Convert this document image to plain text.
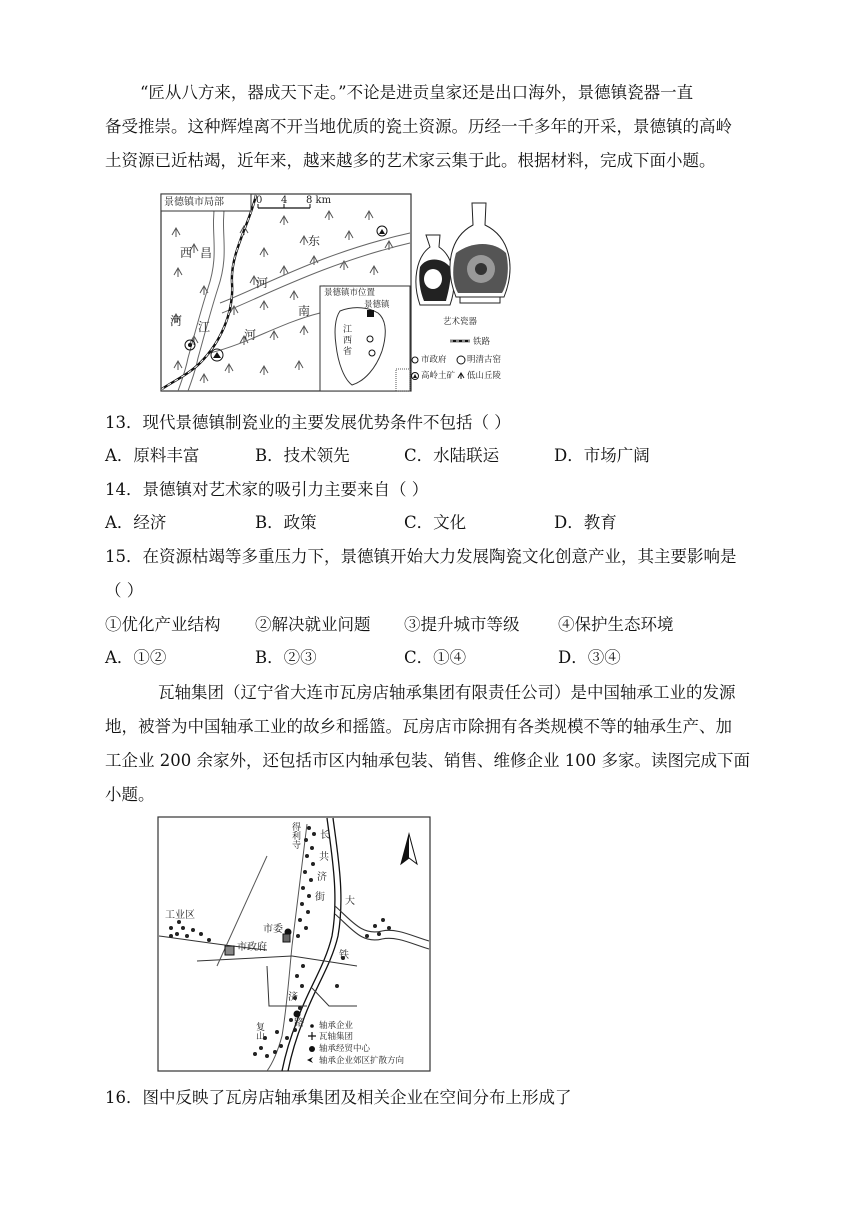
“匠从八方来，器成天下走。”不论是进贡皇家还是出口海外，景德镇瓷器一直
备受推崇。这种辉煌离不开当地优质的瓷土资源。历经一千多年的开采，景德镇的高岭
土资源已近枯竭，近年来，越来越多的艺术家云集于此。根据材料，完成下面小题。
景德镇市局部	0 4 8 km
西 昌
河 江
东
河
南
河
景德镇市位置
景德镇
江西省
艺术瓷器
铁路
市政府 明清古窑
高岭土矿 低山丘陵
13．现代景德镇制瓷业的主要发展优势条件不包括（ ）
A．原料丰富	B．技术领先	C．水陆联运	D．市场广阔
14．景德镇对艺术家的吸引力主要来自（ ）
A．经济	B．政策	C．文化	D．教育
15．在资源枯竭等多重压力下，景德镇开始大力发展陶瓷文化创意产业，其主要影响是
（ ）
①优化产业结构 ②解决就业问题 ③提升城市等级 ④保护生态环境
A．①②	B．②③	C．①④	D．③④
瓦轴集团（辽宁省大连市瓦房店轴承集团有限责任公司）是中国轴承工业的发源
地，被誉为中国轴承工业的故乡和摇篮。瓦房店市除拥有各类规模不等的轴承生产、加
工企业 200 余家外，还包括市区内轴承包装、销售、维修企业 100 多家。读图完成下面
小题。
得利寺 长
共
济
街 大
铁
济
路
工业区
市政府
市委
复山	轴承企业
瓦轴集团
轴承经贸中心
轴承企业郊区扩散方向
16．图中反映了瓦房店轴承集团及相关企业在空间分布上形成了
